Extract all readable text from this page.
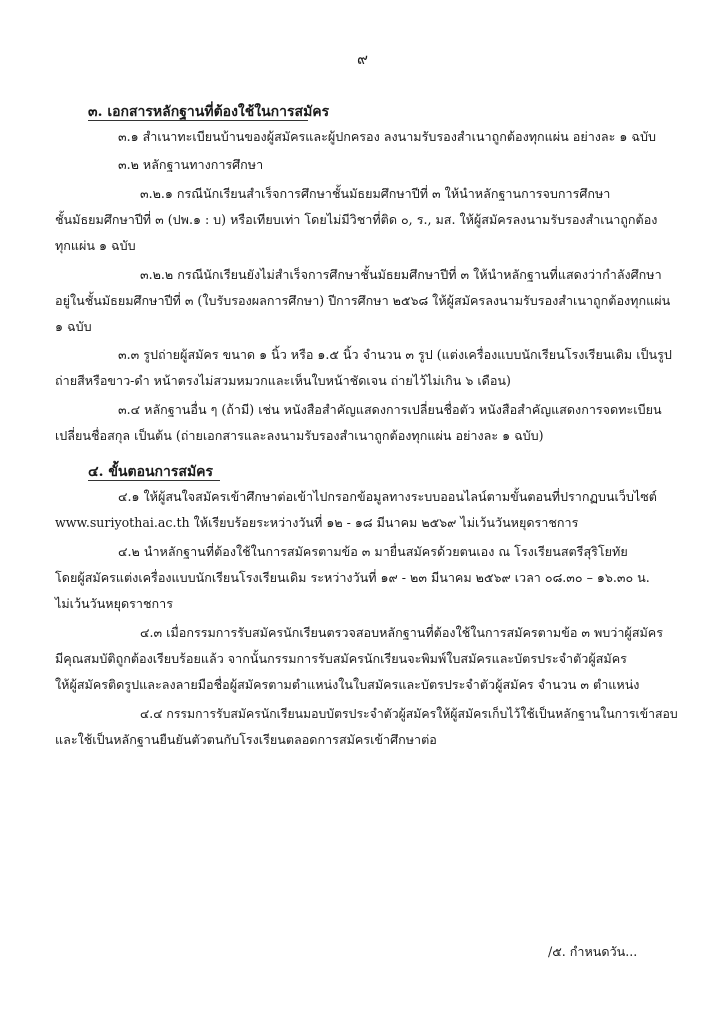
๙
๓. เอกสารหลักฐานที่ต้องใช้ในการสมัคร
๓.๑ สำเนาทะเบียนบ้านของผู้สมัครและผู้ปกครอง ลงนามรับรองสำเนาถูกต้องทุกแผ่น อย่างละ ๑ ฉบับ
๓.๒ หลักฐานทางการศึกษา
๓.๒.๑ กรณีนักเรียนสำเร็จการศึกษาชั้นมัธยมศึกษาปีที่ ๓ ให้นำหลักฐานการจบการศึกษา
ชั้นมัธยมศึกษาปีที่ ๓ (ปพ.๑ : บ) หรือเทียบเท่า โดยไม่มีวิชาที่ติด ๐, ร., มส. ให้ผู้สมัครลงนามรับรองสำเนาถูกต้อง
ทุกแผ่น ๑ ฉบับ
๓.๒.๒ กรณีนักเรียนยังไม่สำเร็จการศึกษาชั้นมัธยมศึกษาปีที่ ๓ ให้นำหลักฐานที่แสดงว่ากำลังศึกษา
อยู่ในชั้นมัธยมศึกษาปีที่ ๓ (ใบรับรองผลการศึกษา) ปีการศึกษา ๒๕๖๘ ให้ผู้สมัครลงนามรับรองสำเนาถูกต้องทุกแผ่น
๑ ฉบับ
๓.๓ รูปถ่ายผู้สมัคร ขนาด ๑ นิ้ว หรือ ๑.๕ นิ้ว จำนวน ๓ รูป (แต่งเครื่องแบบนักเรียนโรงเรียนเดิม เป็นรูป
ถ่ายสีหรือขาว-ดำ หน้าตรงไม่สวมหมวกและเห็นใบหน้าชัดเจน ถ่ายไว้ไม่เกิน ๖ เดือน)
๓.๔ หลักฐานอื่น ๆ (ถ้ามี) เช่น หนังสือสำคัญแสดงการเปลี่ยนชื่อตัว หนังสือสำคัญแสดงการจดทะเบียน
เปลี่ยนชื่อสกุล เป็นต้น (ถ่ายเอกสารและลงนามรับรองสำเนาถูกต้องทุกแผ่น อย่างละ ๑ ฉบับ)
๔. ขั้นตอนการสมัคร
๔.๑ ให้ผู้สนใจสมัครเข้าศึกษาต่อเข้าไปกรอกข้อมูลทางระบบออนไลน์ตามขั้นตอนที่ปรากฏบนเว็บไซต์
www.suriyothai.ac.th ให้เรียบร้อยระหว่างวันที่ ๑๒ - ๑๘ มีนาคม ๒๕๖๙ ไม่เว้นวันหยุดราชการ
๔.๒ นำหลักฐานที่ต้องใช้ในการสมัครตามข้อ ๓ มายื่นสมัครด้วยตนเอง ณ โรงเรียนสตรีสุริโยทัย
โดยผู้สมัครแต่งเครื่องแบบนักเรียนโรงเรียนเดิม ระหว่างวันที่ ๑๙ - ๒๓ มีนาคม ๒๕๖๙ เวลา ๐๘.๓๐ – ๑๖.๓๐ น.
ไม่เว้นวันหยุดราชการ
๔.๓ เมื่อกรรมการรับสมัครนักเรียนตรวจสอบหลักฐานที่ต้องใช้ในการสมัครตามข้อ ๓ พบว่าผู้สมัคร
มีคุณสมบัติถูกต้องเรียบร้อยแล้ว จากนั้นกรรมการรับสมัครนักเรียนจะพิมพ์ใบสมัครและบัตรประจำตัวผู้สมัคร
ให้ผู้สมัครติดรูปและลงลายมือชื่อผู้สมัครตามตำแหน่งในใบสมัครและบัตรประจำตัวผู้สมัคร จำนวน ๓ ตำแหน่ง
๔.๔ กรรมการรับสมัครนักเรียนมอบบัตรประจำตัวผู้สมัครให้ผู้สมัครเก็บไว้ใช้เป็นหลักฐานในการเข้าสอบ
และใช้เป็นหลักฐานยืนยันตัวตนกับโรงเรียนตลอดการสมัครเข้าศึกษาต่อ
/๕. กำหนดวัน...
